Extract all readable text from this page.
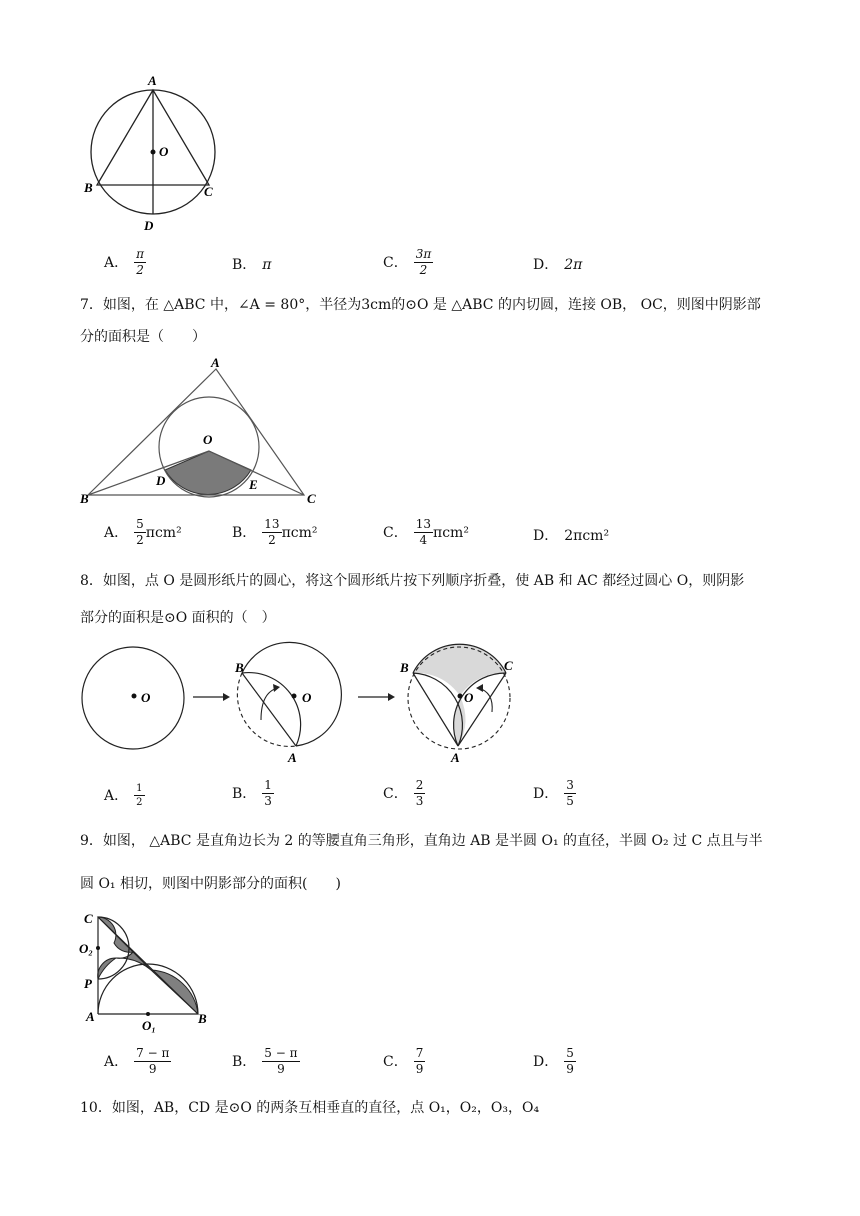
A
O
B	C
D
A． $\frac{\pi}{2}$	B． π	C． $\frac{3\pi}{2}$	D． 2π
7．如图，在 △ABC 中，∠A = 80°，半径为3cm的⊙O 是 △ABC 的内切圆，连接 OB， OC，则图中阴影部
分的面积是（　　）
A
O
D	E
B	C
A． $\frac{5}{2} \pi cm^2$	B． $\frac{13}{2} \pi cm^2$	C． $\frac{13}{4} \pi cm^2$	D． 2πcm²
8．如图，点 O 是圆形纸片的圆心，将这个圆形纸片按下列顺序折叠，使 AB 和 AC 都经过圆心 O，则阴影
部分的面积是⊙O 面积的（　）
O
B
O
A
B	C
O
A
A． $\frac{1}{2}$	B． $\frac{1}{3}$	C． $\frac{2}{3}$	D． $\frac{3}{5}$
9．如图， △ABC 是直角边长为 2 的等腰直角三角形，直角边 AB 是半圆 O₁ 的直径，半圆 O₂ 过 C 点且与半
圆 O₁ 相切，则图中阴影部分的面积(　　)
C
O₂
P
A
O₁	B
A． $\frac{7 - \pi}{9}$	B． $\frac{5 - \pi}{9}$	C． $\frac{7}{9}$	D． $\frac{5}{9}$
10．如图，AB，CD 是⊙O 的两条互相垂直的直径，点 O₁，O₂，O₃，O₄
